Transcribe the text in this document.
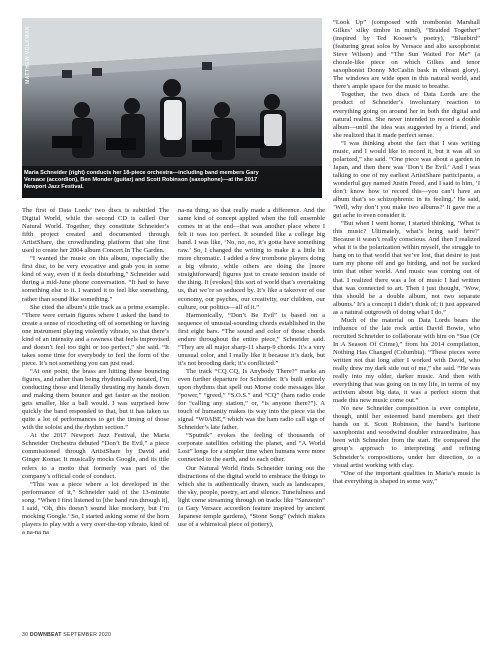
MATTHEW VOLKMAN
Maria Schneider (right) conducts her 18-piece orchestra—including band members Gary Versace (accordion), Ben Monder (guitar) and Scott Robinson (saxophone)—at the 2017 Newport Jazz Festival.

The first of Data Lords’ two discs is subtitled The Digital World, while the second CD is called Our Natural World. Together, they constitute Schneider’s fifth project created and documented through ArtistShare, the crowdfunding platform that she first used to create her 2004 album Concert In The Garden.

“I wanted the music on this album, especially the first disc, to be very evocative and grab you in some kind of way, even if it feels disturbing,” Schneider said during a mid-June phone conversation. “It had to have something else to it. I wanted it to feel like something, rather than sound like something.”

She cited the album’s title track as a prime example. “There were certain figures where I asked the band to create a sense of ricocheting off of something or having one instrument playing violently vibrato, so that there’s kind of an intensity and a rawness that feels improvised and doesn’t feel too tight or too perfect,” she said. “It takes some time for everybody to feel the form of the piece. It’s not something you can just read.

“At one point, the brass are hitting these bouncing figures, and rather than being rhythmically notated, I’m conducting those and literally thrusting my hands down and making them bounce and get faster as the motion gets smaller, like a ball would. I was surprised how quickly the band responded to that, but it has taken us quite a lot of performances to get the timing of those with the soloist and the rhythm section.”

At the 2017 Newport Jazz Festival, the Maria Schneider Orchestra debuted “Don’t Be Evil,” a piece commissioned through ArtistShare by David and Ginger Komar. It musically mocks Google, and its title refers to a motto that formerly was part of the company’s official code of conduct.

“This was a piece where a lot developed in the performance of it,” Schneider said of the 13-minute song. “When I first listened to [the band run through it], I said, ‘Oh, this doesn’t sound like mockery, but I’m mocking Google.’ So, I started asking some of the horn players to play with a very over-the-top vibrato, kind of a na-na na

na-na thing, so that really made a difference. And the same kind of concept applied when the full ensemble comes in at the end—that was another place where I felt it was too perfect. It sounded like a college big band. I was like, ‘No, no, no, it’s gotta have something raw.’ So, I changed the writing to make it a little bit more chromatic. I added a few trombone players doing a big vibrato, while others are doing the [more straightforward] figures just to create tension inside of the thing. It [evokes] this sort of world that’s overtaking us, that we’re so seduced by. It’s like a takeover of our economy, our psyches, our creativity, our children, our culture, our politics—all of it.”

Harmonically, “Don’t Be Evil” is based on a sequence of unusual-sounding chords established in the first eight bars. “The sound and color of those chords endure throughout the entire piece,” Schneider said. “They are all major sharp-11 sharp-9 chords. It’s a very unusual color, and I really like it because it’s dark, but it’s not brooding dark; it’s conflicted.”

The track “CQ CQ, Is Anybody There?” marks an even further departure for Schneider. It’s built entirely upon rhythms that spell out Morse code messages like “power,” “greed,” “S.O.S.” and “CQ” (ham radio code for “calling any station,” or, “is anyone there?”). A touch of humanity makes its way into the piece via the signal “W0ABE,” which was the ham radio call sign of Schneider’s late father.

“Sputnik” evokes the feeling of thousands of corporate satellites orbiting the planet, and “A World Lost” longs for a simpler time when humans were more connected to the earth, and to each other.

Our Natural World finds Schneider tuning out the distractions of the digital world to embrace the things to which she is authentically drawn, such as landscapes, the sky, people, poetry, art and silence. Tunefulness and light come streaming through on tracks like “Sanzenin” (a Gary Versace accordion feature inspired by ancient Japanese temple gardens), “Stone Song” (which makes use of a whimsical piece of pottery),

“Look Up” (composed with trombonist Marshall Gilkes’ silky timbre in mind), “Braided Together” (inspired by Ted Kooser’s poetry), “Bluebird” (featuring great solos by Versace and alto saxophonist Steve Wilson) and “The Sun Waited For Me” (a chorale-like piece on which Gilkes and tenor saxophonist Donny McCaslin bask in vibrant glory). The windows are wide open in this natural world, and there’s ample space for the music to breathe.

Together, the two discs of Data Lords are the product of Schneider’s involuntary reaction to everything going on around her in both the digital and natural realms. She never intended to record a double album—until the idea was suggested by a friend, and she realized that it made perfect sense.

“I was thinking about the fact that I was writing music, and I would like to record it, but it was all so polarized,” she said. “One piece was about a garden in Japan, and then there was ‘Don’t Be Evil.’ And I was talking to one of my earliest ArtistShare participants, a wonderful guy named Justin Freed, and I said to him, ‘I don’t know how to record this—you can’t have an album that’s so schizophrenic in its feeling.’ He said, ‘Well, why don’t you make two albums?’ It gave me a gut ache to even consider it.

“But when I went home, I started thinking, ‘What is this music? Ultimately, what’s being said here?’ Because it wasn’t really conscious. And then I realized what it is the polarization within myself, the struggle to hang on to that world that we’ve lost, that desire to just turn my phone off and go birding, and not be sucked into that other world. And music was coming out of that. I realized there was a lot of music I had written that was connected to art. Then I just thought, ‘Wow, this should be a double album, not two separate albums.’ It’s a concept I didn’t think of; it just appeared as a natural outgrowth of doing what I do.”

Much of the material on Data Lords bears the influence of the late rock artist David Bowie, who recruited Schneider to collaborate with him on “Sue (Or In A Season Of Crime),” from his 2014 compilation, Nothing Has Changed (Columbia). “These pieces were written not that long after I worked with David, who really drew my dark side out of me,” she said. “He was really into my older, darker music. And then with everything that was going on in my life, in terms of my activism about big data, it was a perfect storm that made this new music come out.”

No new Schneider composition is ever complete, though, until her esteemed band members get their hands on it. Scott Robinson, the band’s baritone saxophonist and woodwind doubler extraordinaire, has been with Schneider from the start. He compared the group’s approach to interpreting and refining Schneider’s compositions, under her direction, to a visual artist working with clay.

“One of the important qualities in Maria’s music is that everything is shaped in some way,”

30 DOWNBEAT SEPTEMBER 2020
